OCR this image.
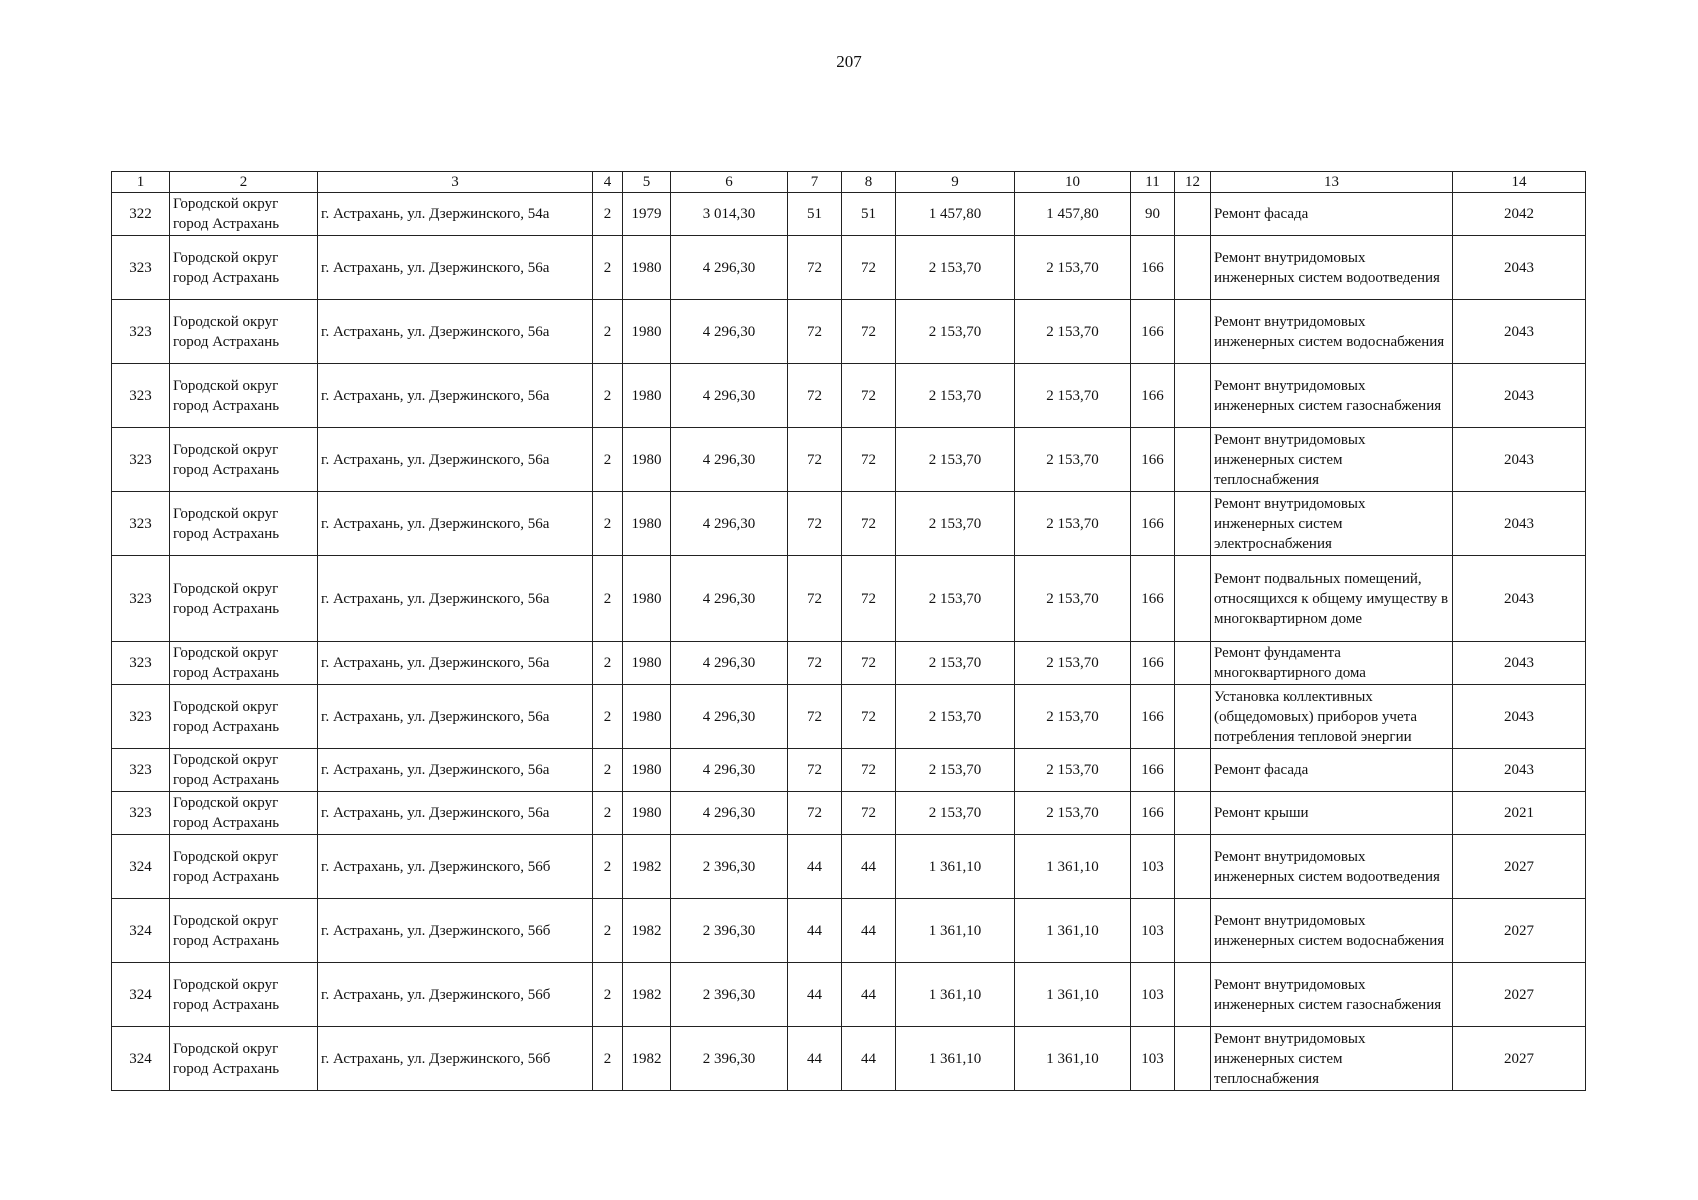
207
1	2	3	4	5	6	7	8	9	10	11	12	13	14
322	Городской округ город Астрахань	г. Астрахань, ул. Дзержинского, 54а	2	1979	3 014,30	51	51	1 457,80	1 457,80	90		Ремонт фасада	2042
323	Городской округ город Астрахань	г. Астрахань, ул. Дзержинского, 56а	2	1980	4 296,30	72	72	2 153,70	2 153,70	166		Ремонт внутридомовых инженерных систем водоотведения	2043
323	Городской округ город Астрахань	г. Астрахань, ул. Дзержинского, 56а	2	1980	4 296,30	72	72	2 153,70	2 153,70	166		Ремонт внутридомовых инженерных систем водоснабжения	2043
323	Городской округ город Астрахань	г. Астрахань, ул. Дзержинского, 56а	2	1980	4 296,30	72	72	2 153,70	2 153,70	166		Ремонт внутридомовых инженерных систем газоснабжения	2043
323	Городской округ город Астрахань	г. Астрахань, ул. Дзержинского, 56а	2	1980	4 296,30	72	72	2 153,70	2 153,70	166		Ремонт внутридомовых инженерных систем теплоснабжения	2043
323	Городской округ город Астрахань	г. Астрахань, ул. Дзержинского, 56а	2	1980	4 296,30	72	72	2 153,70	2 153,70	166		Ремонт внутридомовых инженерных систем электроснабжения	2043
323	Городской округ город Астрахань	г. Астрахань, ул. Дзержинского, 56а	2	1980	4 296,30	72	72	2 153,70	2 153,70	166		Ремонт подвальных помещений, относящихся к общему имуществу в многоквартирном доме	2043
323	Городской округ город Астрахань	г. Астрахань, ул. Дзержинского, 56а	2	1980	4 296,30	72	72	2 153,70	2 153,70	166		Ремонт фундамента многоквартирного дома	2043
323	Городской округ город Астрахань	г. Астрахань, ул. Дзержинского, 56а	2	1980	4 296,30	72	72	2 153,70	2 153,70	166		Установка коллективных (общедомовых) приборов учета потребления тепловой энергии	2043
323	Городской округ город Астрахань	г. Астрахань, ул. Дзержинского, 56а	2	1980	4 296,30	72	72	2 153,70	2 153,70	166		Ремонт фасада	2043
323	Городской округ город Астрахань	г. Астрахань, ул. Дзержинского, 56а	2	1980	4 296,30	72	72	2 153,70	2 153,70	166		Ремонт крыши	2021
324	Городской округ город Астрахань	г. Астрахань, ул. Дзержинского, 56б	2	1982	2 396,30	44	44	1 361,10	1 361,10	103		Ремонт внутридомовых инженерных систем водоотведения	2027
324	Городской округ город Астрахань	г. Астрахань, ул. Дзержинского, 56б	2	1982	2 396,30	44	44	1 361,10	1 361,10	103		Ремонт внутридомовых инженерных систем водоснабжения	2027
324	Городской округ город Астрахань	г. Астрахань, ул. Дзержинского, 56б	2	1982	2 396,30	44	44	1 361,10	1 361,10	103		Ремонт внутридомовых инженерных систем газоснабжения	2027
324	Городской округ город Астрахань	г. Астрахань, ул. Дзержинского, 56б	2	1982	2 396,30	44	44	1 361,10	1 361,10	103		Ремонт внутридомовых инженерных систем теплоснабжения	2027
